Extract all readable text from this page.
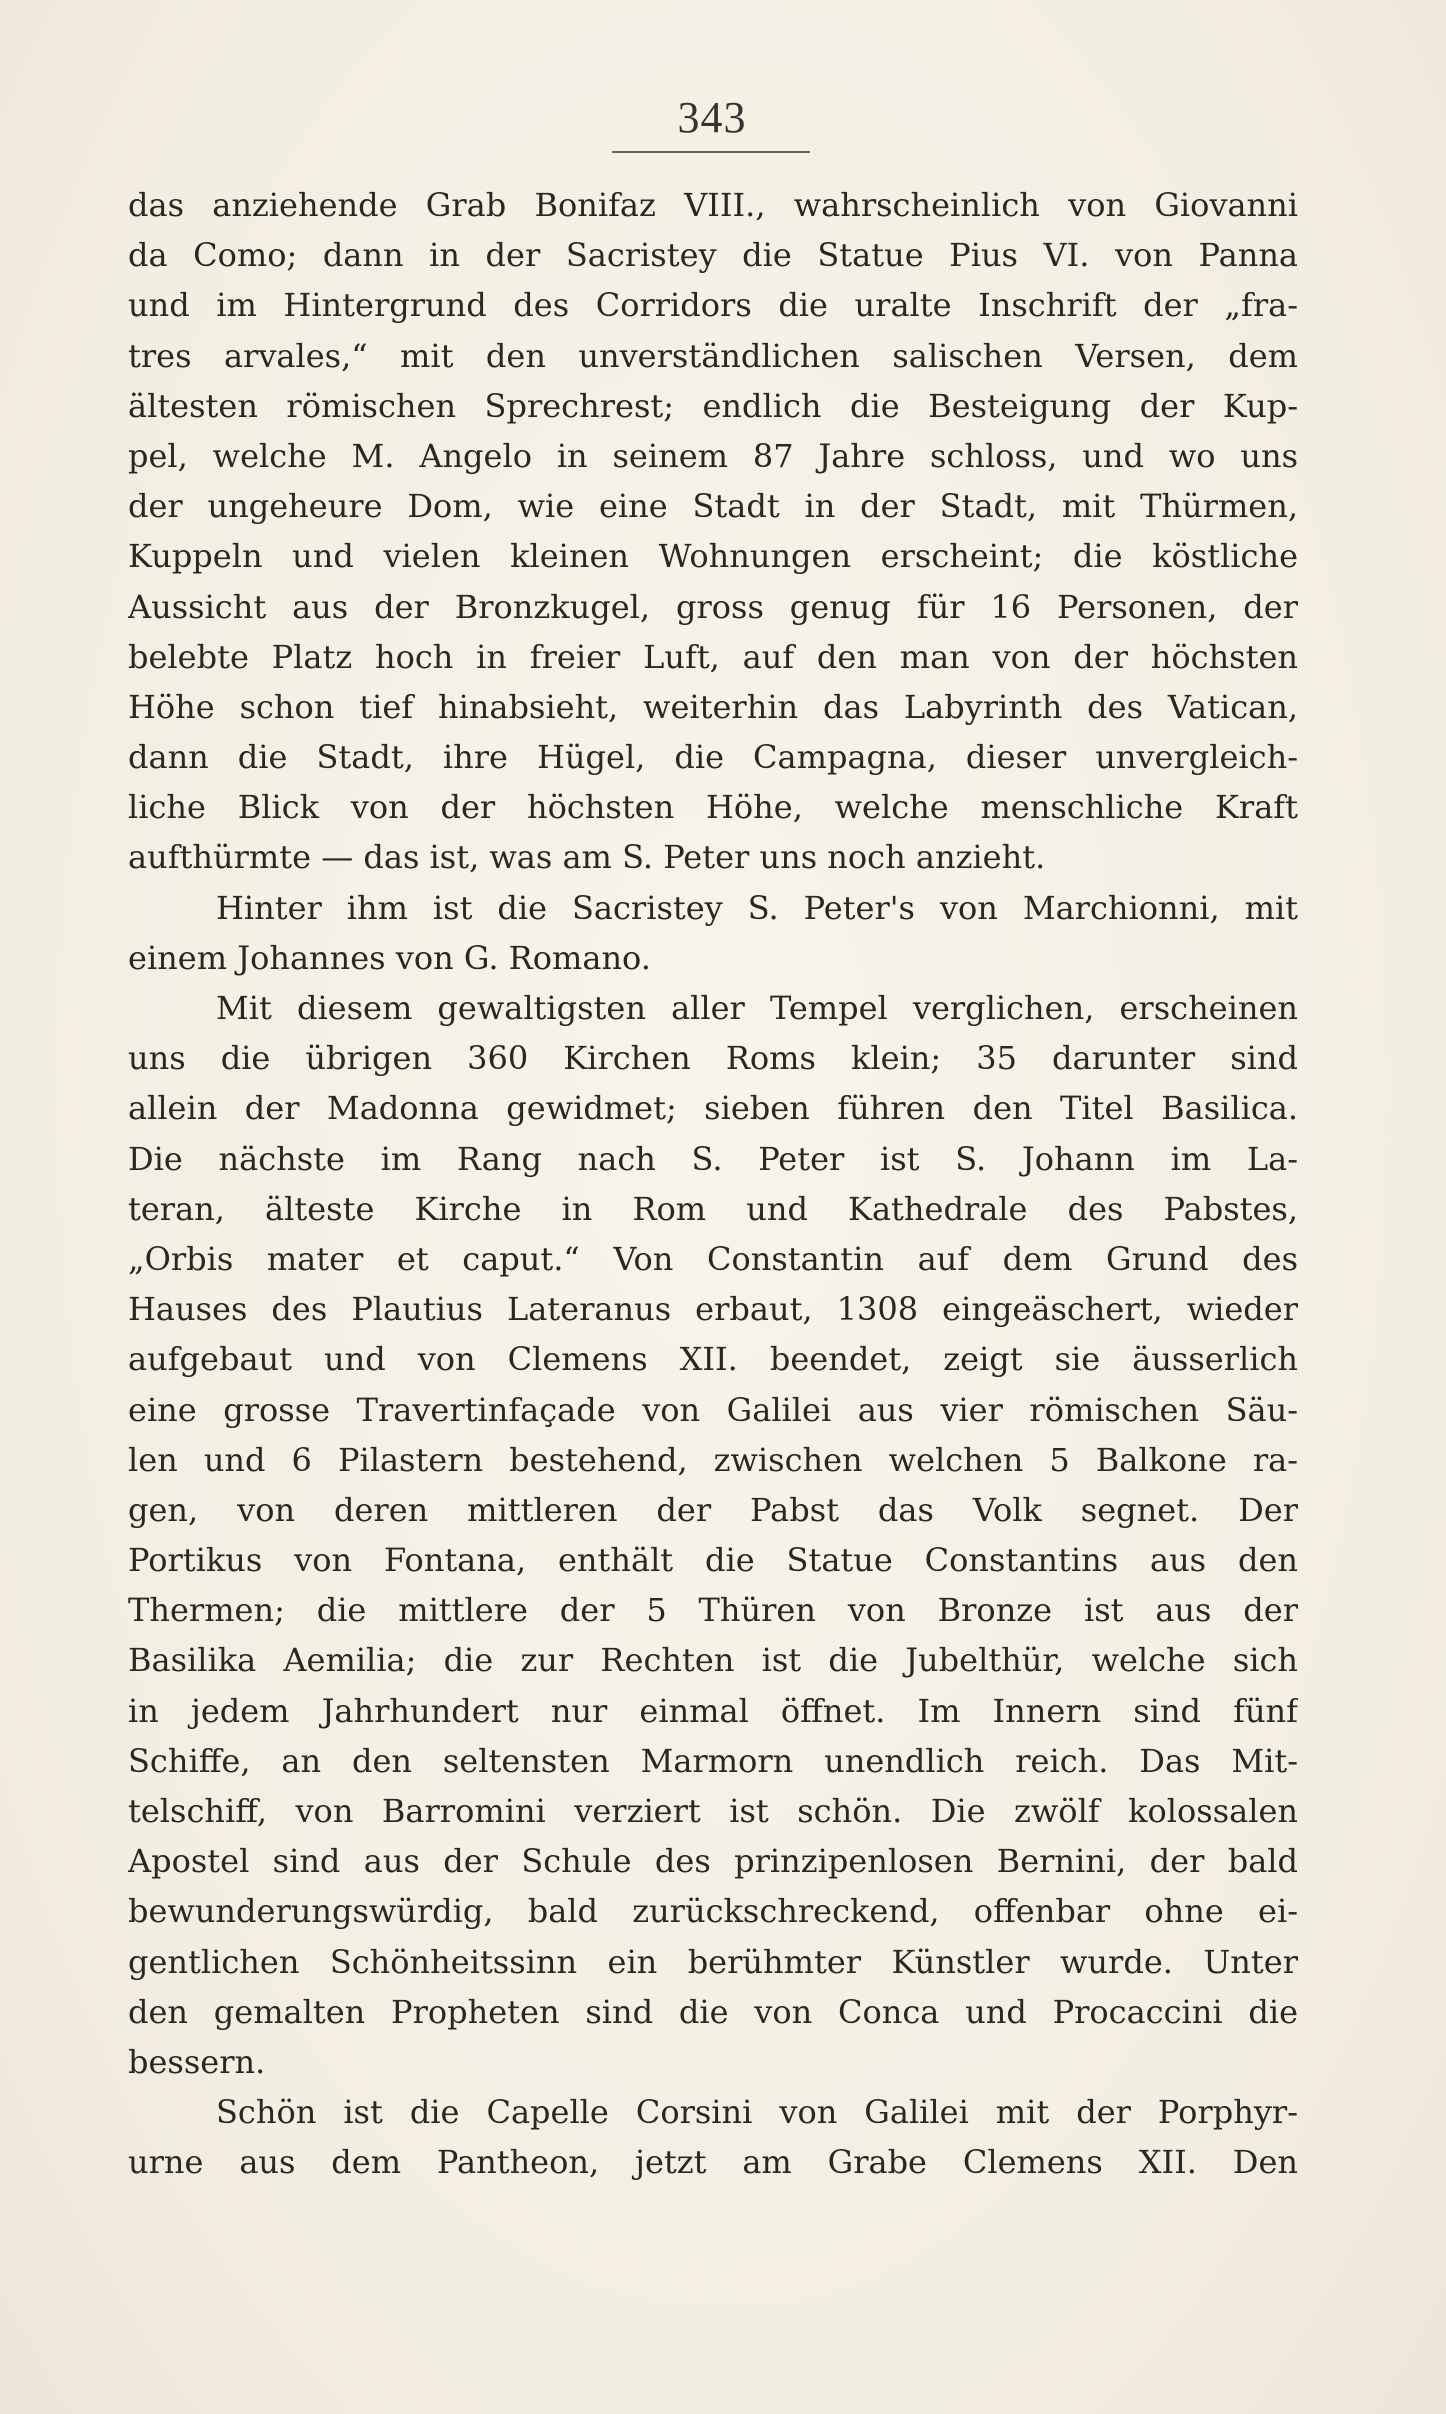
343
das anziehende Grab Bonifaz VIII., wahrscheinlich von Giovanni
da Como; dann in der Sacristey die Statue Pius VI. von Panna
und im Hintergrund des Corridors die uralte Inschrift der „fra-
tres arvales,“ mit den unverständlichen salischen Versen, dem
ältesten römischen Sprechrest; endlich die Besteigung der Kup-
pel, welche M. Angelo in seinem 87 Jahre schloss, und wo uns
der ungeheure Dom, wie eine Stadt in der Stadt, mit Thürmen,
Kuppeln und vielen kleinen Wohnungen erscheint; die köstliche
Aussicht aus der Bronzkugel, gross genug für 16 Personen, der
belebte Platz hoch in freier Luft, auf den man von der höchsten
Höhe schon tief hinabsieht, weiterhin das Labyrinth des Vatican,
dann die Stadt, ihre Hügel, die Campagna, dieser unvergleich-
liche Blick von der höchsten Höhe, welche menschliche Kraft
aufthürmte — das ist, was am S. Peter uns noch anzieht.
Hinter ihm ist die Sacristey S. Peter's von Marchionni, mit
einem Johannes von G. Romano.
Mit diesem gewaltigsten aller Tempel verglichen, erscheinen
uns die übrigen 360 Kirchen Roms klein; 35 darunter sind
allein der Madonna gewidmet; sieben führen den Titel Basilica.
Die nächste im Rang nach S. Peter ist S. Johann im La-
teran, älteste Kirche in Rom und Kathedrale des Pabstes,
„Orbis mater et caput.“ Von Constantin auf dem Grund des
Hauses des Plautius Lateranus erbaut, 1308 eingeäschert, wieder
aufgebaut und von Clemens XII. beendet, zeigt sie äusserlich
eine grosse Travertinfaçade von Galilei aus vier römischen Säu-
len und 6 Pilastern bestehend, zwischen welchen 5 Balkone ra-
gen, von deren mittleren der Pabst das Volk segnet. Der
Portikus von Fontana, enthält die Statue Constantins aus den
Thermen; die mittlere der 5 Thüren von Bronze ist aus der
Basilika Aemilia; die zur Rechten ist die Jubelthür, welche sich
in jedem Jahrhundert nur einmal öffnet. Im Innern sind fünf
Schiffe, an den seltensten Marmorn unendlich reich. Das Mit-
telschiff, von Barromini verziert ist schön. Die zwölf kolossalen
Apostel sind aus der Schule des prinzipenlosen Bernini, der bald
bewunderungswürdig, bald zurückschreckend, offenbar ohne ei-
gentlichen Schönheitssinn ein berühmter Künstler wurde. Unter
den gemalten Propheten sind die von Conca und Procaccini die
bessern.
Schön ist die Capelle Corsini von Galilei mit der Porphyr-
urne aus dem Pantheon, jetzt am Grabe Clemens XII. Den
